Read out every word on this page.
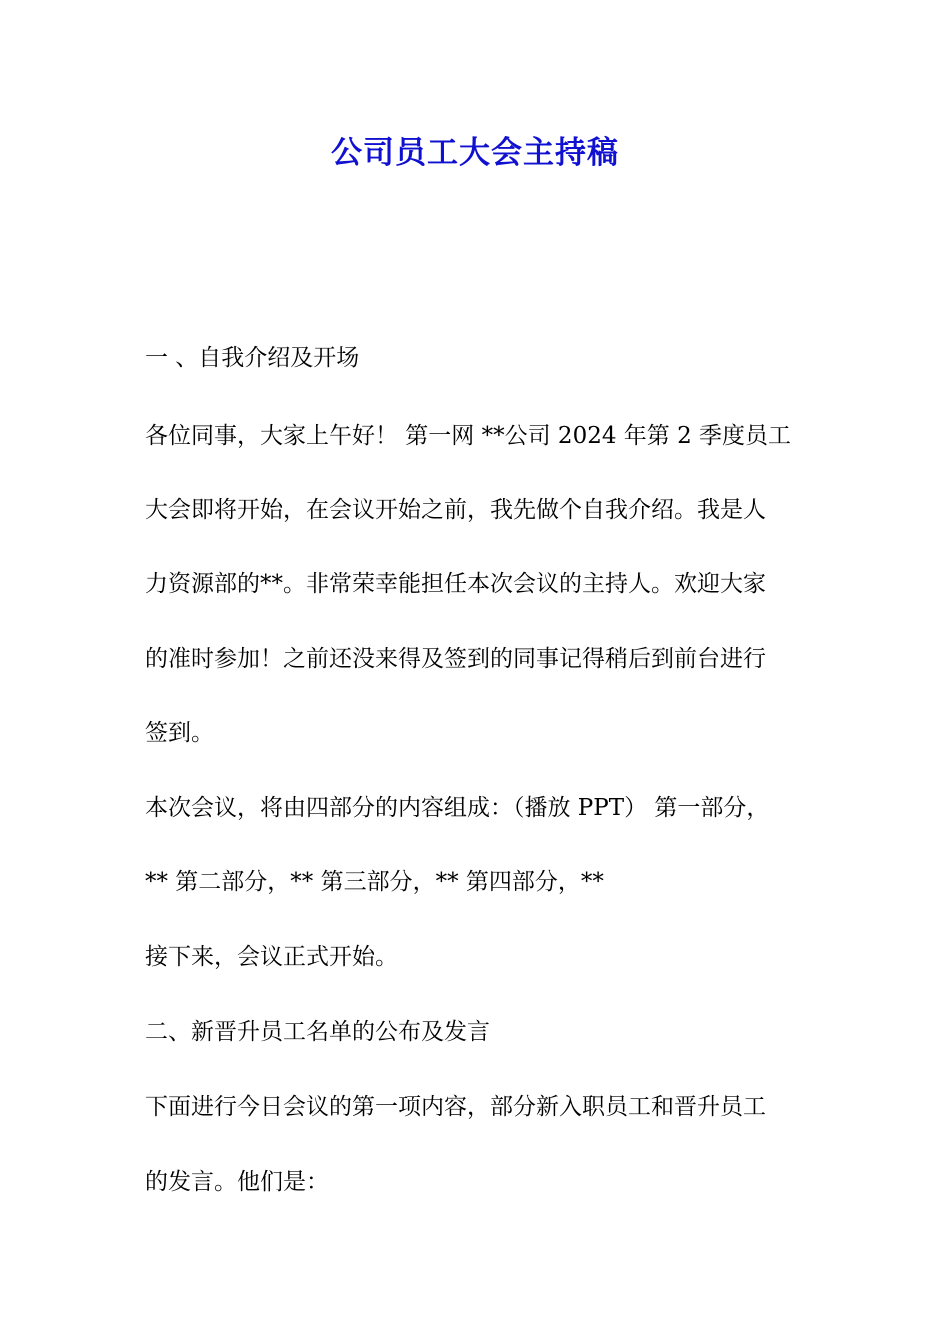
公司员工大会主持稿
一 、自我介绍及开场
各位同事，大家上午好！ 第一网 **公司 2024 年第 2 季度员工
大会即将开始，在会议开始之前，我先做个自我介绍。我是人
力资源部的**。非常荣幸能担任本次会议的主持人。欢迎大家
的准时参加！之前还没来得及签到的同事记得稍后到前台进行
签到。
本次会议，将由四部分的内容组成：（播放 PPT） 第一部分，
** 第二部分，** 第三部分，** 第四部分，**
接下来，会议正式开始。
二、新晋升员工名单的公布及发言
下面进行今日会议的第一项内容，部分新入职员工和晋升员工
的发言。他们是：
